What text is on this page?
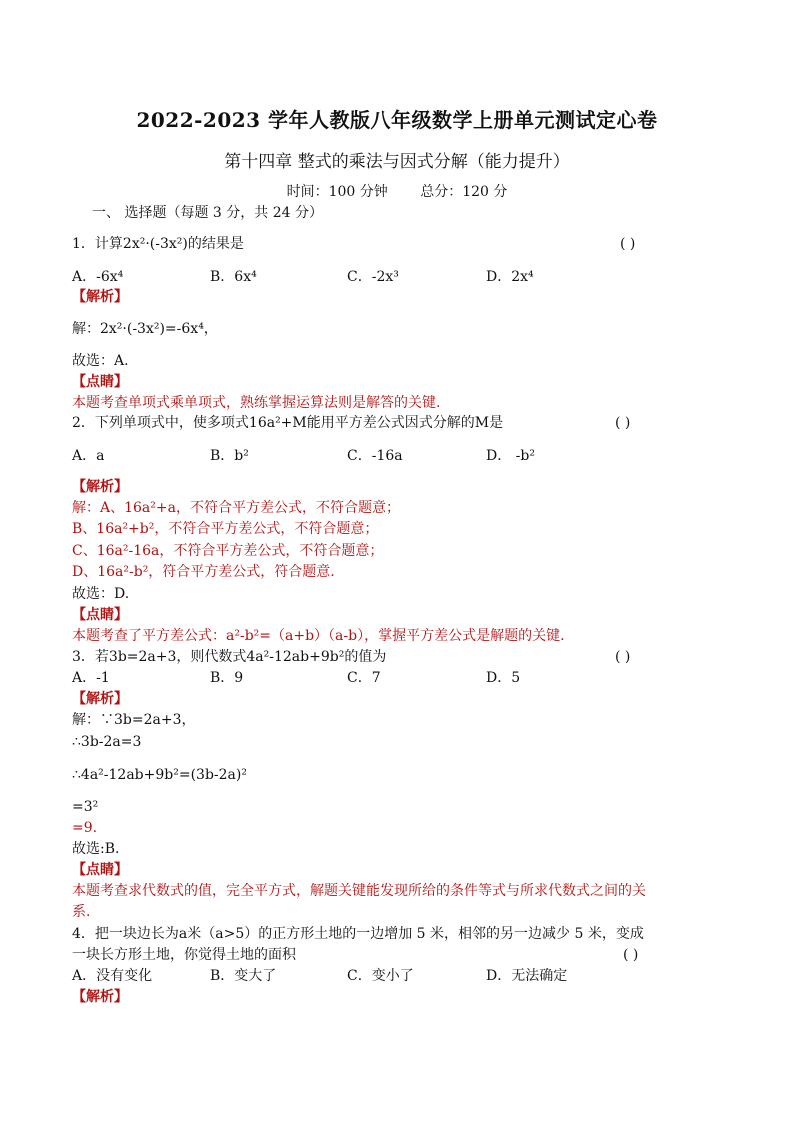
2022-2023 学年人教版八年级数学上册单元测试定心卷
第十四章 整式的乘法与因式分解（能力提升）
时间：100 分钟 总分：120 分
一、 选择题（每题 3 分，共 24 分）
1．计算2x²·(-3x²)的结果是	( )
A．-6x⁴	B．6x⁴	C．-2x³	D．2x⁴
【解析】
解：2x²·(-3x²)=-6x⁴，
故选：A.
【点睛】
本题考查单项式乘单项式，熟练掌握运算法则是解答的关键.
2．下列单项式中，使多项式16a²+M能用平方差公式因式分解的M是	( )
A．a	B．b²	C．-16a	D． -b²
【解析】
解：A、16a²+a，不符合平方差公式，不符合题意；
B、16a²+b²，不符合平方差公式，不符合题意；
C、16a²-16a，不符合平方差公式，不符合题意；
D、16a²-b²，符合平方差公式，符合题意.
故选：D.
【点睛】
本题考查了平方差公式：a²-b²=（a+b）（a-b），掌握平方差公式是解题的关键.
3．若3b=2a+3，则代数式4a²-12ab+9b²的值为	( )
A．-1	B．9	C．7	D．5
【解析】
解：∵3b=2a+3，
∴3b-2a=3
∴4a²-12ab+9b²=(3b-2a)²
=3²
=9.
故选:B.
【点睛】
本题考查求代数式的值，完全平方式，解题关键能发现所给的条件等式与所求代数式之间的关
系.
4．把一块边长为a米（a>5）的正方形土地的一边增加 5 米，相邻的另一边减少 5 米，变成
一块长方形土地，你觉得土地的面积	( )
A．没有变化	B．变大了	C．变小了	D．无法确定
【解析】
